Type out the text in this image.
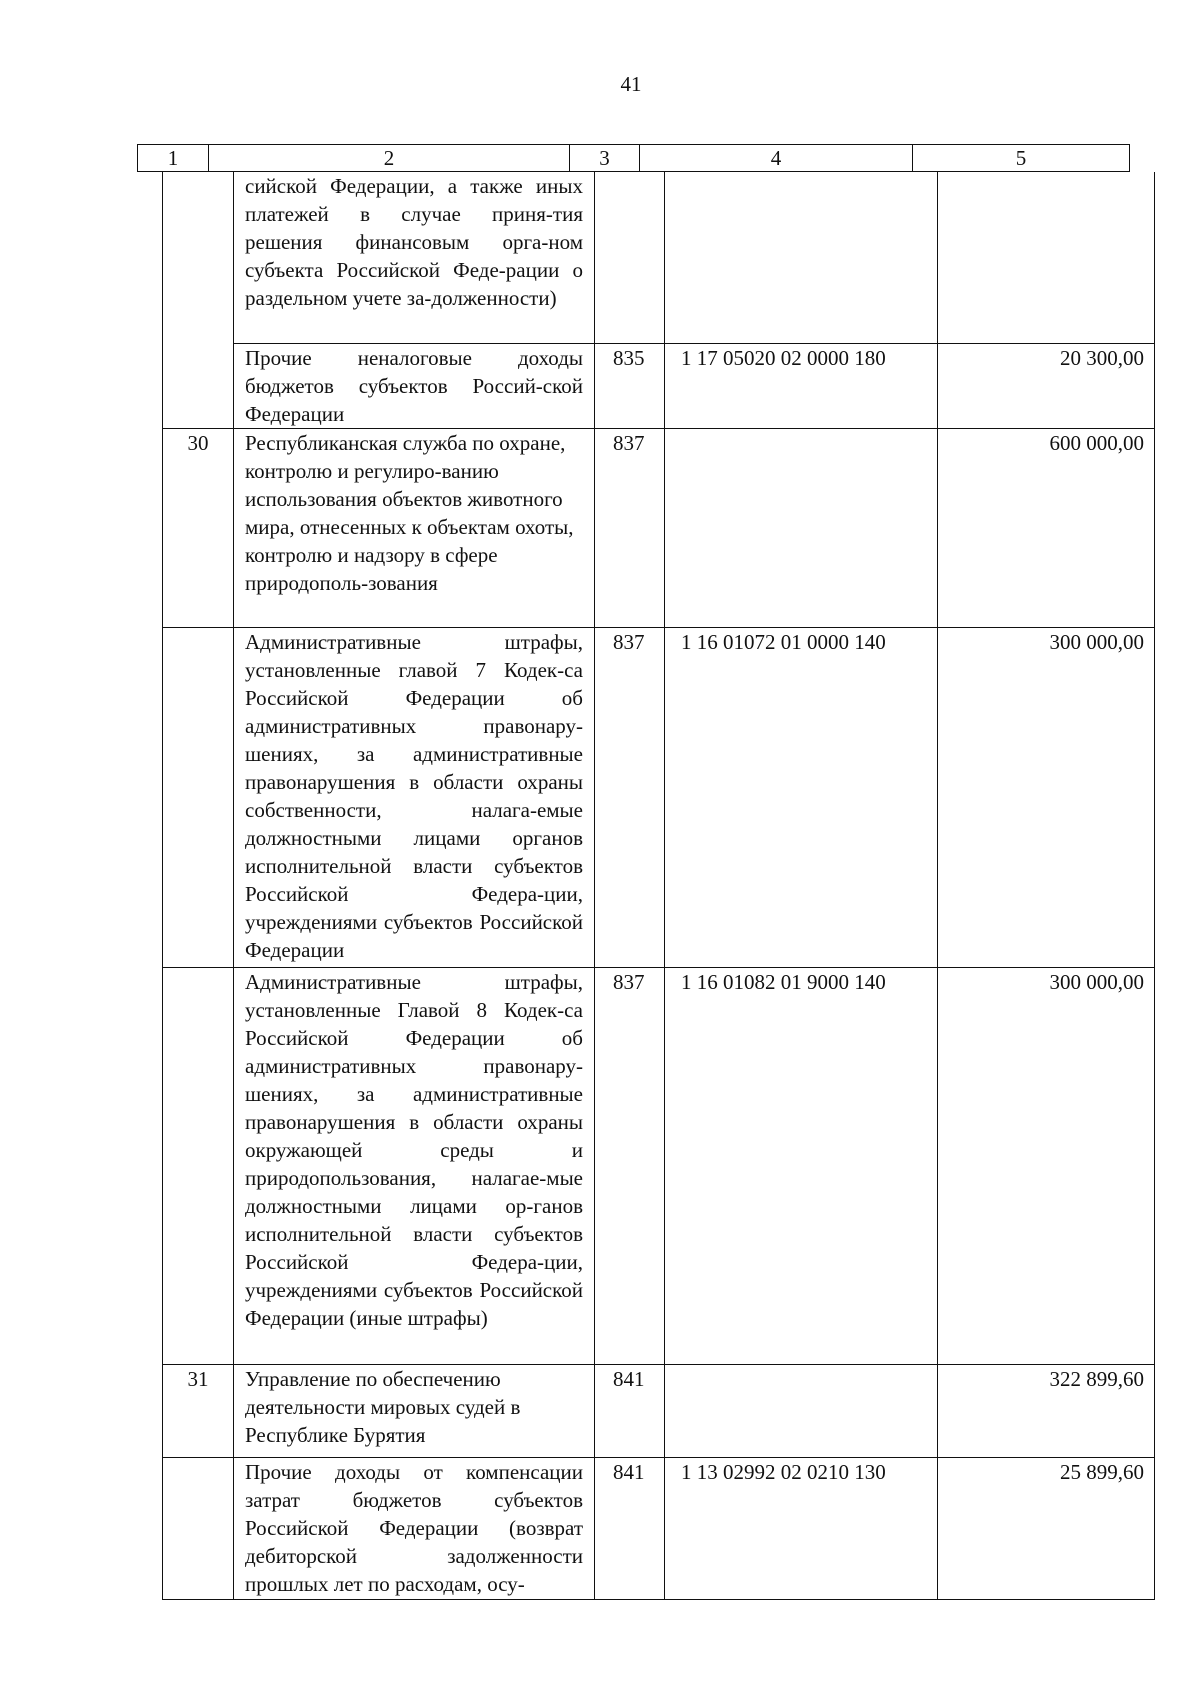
41
1	2	3	4	5
	сийской Федерации, а также иных платежей в случае приня-тия решения финансовым орга-ном субъекта Российской Феде-рации о раздельном учете за-долженности)			
	Прочие неналоговые доходы бюджетов субъектов Россий-ской Федерации	835	1 17 05020 02 0000 180	20 300,00
30	Республиканская служба по охране, контролю и регулиро-ванию использования объектов животного мира, отнесенных к объектам охоты, контролю и надзору в сфере природополь-зования	837		600 000,00
	Административные штрафы, установленные главой 7 Кодек-са Российской Федерации об административных правонару-шениях, за административные правонарушения в области охраны собственности, налага-емые должностными лицами органов исполнительной власти субъектов Российской Федера-ции, учреждениями субъектов Российской Федерации	837	1 16 01072 01 0000 140	300 000,00
	Административные штрафы, установленные Главой 8 Кодек-са Российской Федерации об административных правонару-шениях, за административные правонарушения в области охраны окружающей среды и природопользования, налагае-мые должностными лицами ор-ганов исполнительной власти субъектов Российской Федера-ции, учреждениями субъектов Российской Федерации (иные штрафы)	837	1 16 01082 01 9000 140	300 000,00
31	Управление по обеспечению деятельности мировых судей в Республике Бурятия	841		322 899,60
	Прочие доходы от компенсации затрат бюджетов субъектов Российской Федерации (возврат дебиторской задолженности прошлых лет по расходам, осу-	841	1 13 02992 02 0210 130	25 899,60
